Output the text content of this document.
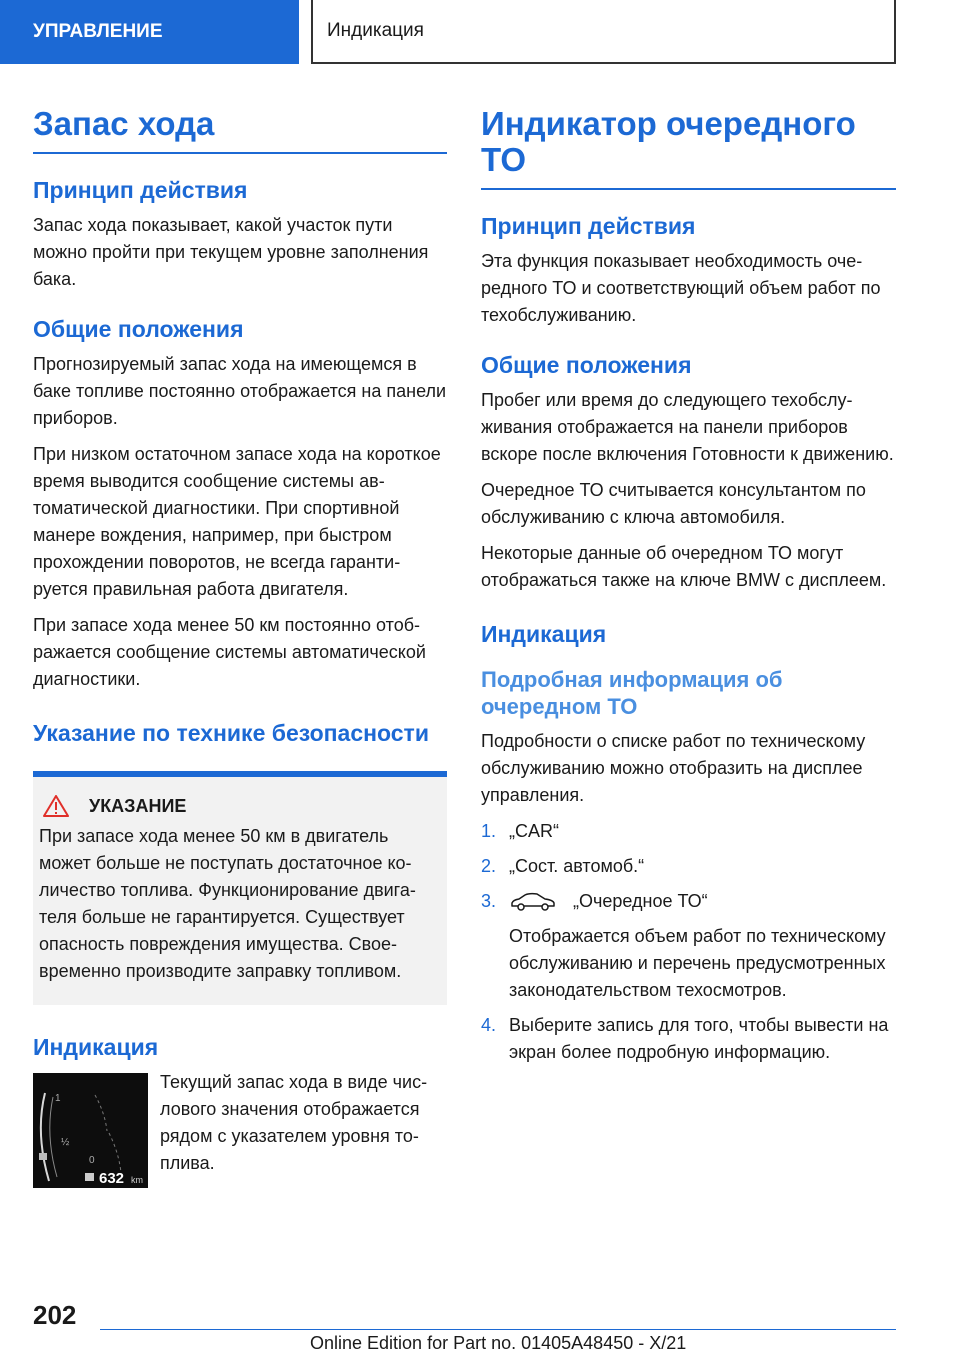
УПРАВЛЕНИЕ	Индикация
Запас хода
Принцип действия

Запас хода показывает, какой участок пути можно пройти при текущем уровне заполнения бака.

Общие положения

Прогнозируемый запас хода на имеющемся в баке топливе постоянно отображается на панели приборов.

При низком остаточном запасе хода на короткое время выводится сообщение системы автоматической диагностики. При спортивной манере вождения, например, при быстром прохождении поворотов, не всегда гарантируется правильная работа двигателя.

При запасе хода менее 50 км постоянно отображается сообщение системы автоматической диагностики.

Указание по технике безопасности
УКАЗАНИЕ

При запасе хода менее 50 км в двигатель может больше не поступать достаточное количество топлива. Функционирование двигателя больше не гарантируется. Существует опасность повреждения имущества. Своевременно производите заправку топливом.

Индикация
1
½
0
632 km

Текущий запас хода в виде числового значения отображается рядом с указателем уровня топлива.

Индикатор очередного ТО
Принцип действия

Эта функция показывает необходимость очередного ТО и соответствующий объем работ по техобслуживанию.

Общие положения

Пробег или время до следующего техобслуживания отображается на панели приборов вскоре после включения Готовности к движению.

Очередное ТО считывается консультантом по обслуживанию с ключа автомобиля.

Некоторые данные об очередном ТО могут отображаться также на ключе BMW с дисплеем.

Индикация
Подробная информация об очередном ТО

Подробности о списке работ по техническому обслуживанию можно отобразить на дисплее управления.

1. „CAR“
2. „Сост. автомоб.“
3.	„Очередное ТО“
Отображается объем работ по техническому обслуживанию и перечень предусмотренных законодательством техосмотров.
4. Выберите запись для того, чтобы вывести на экран более подробную информацию.
202
Online Edition for Part no. 01405A48450 - X/21
